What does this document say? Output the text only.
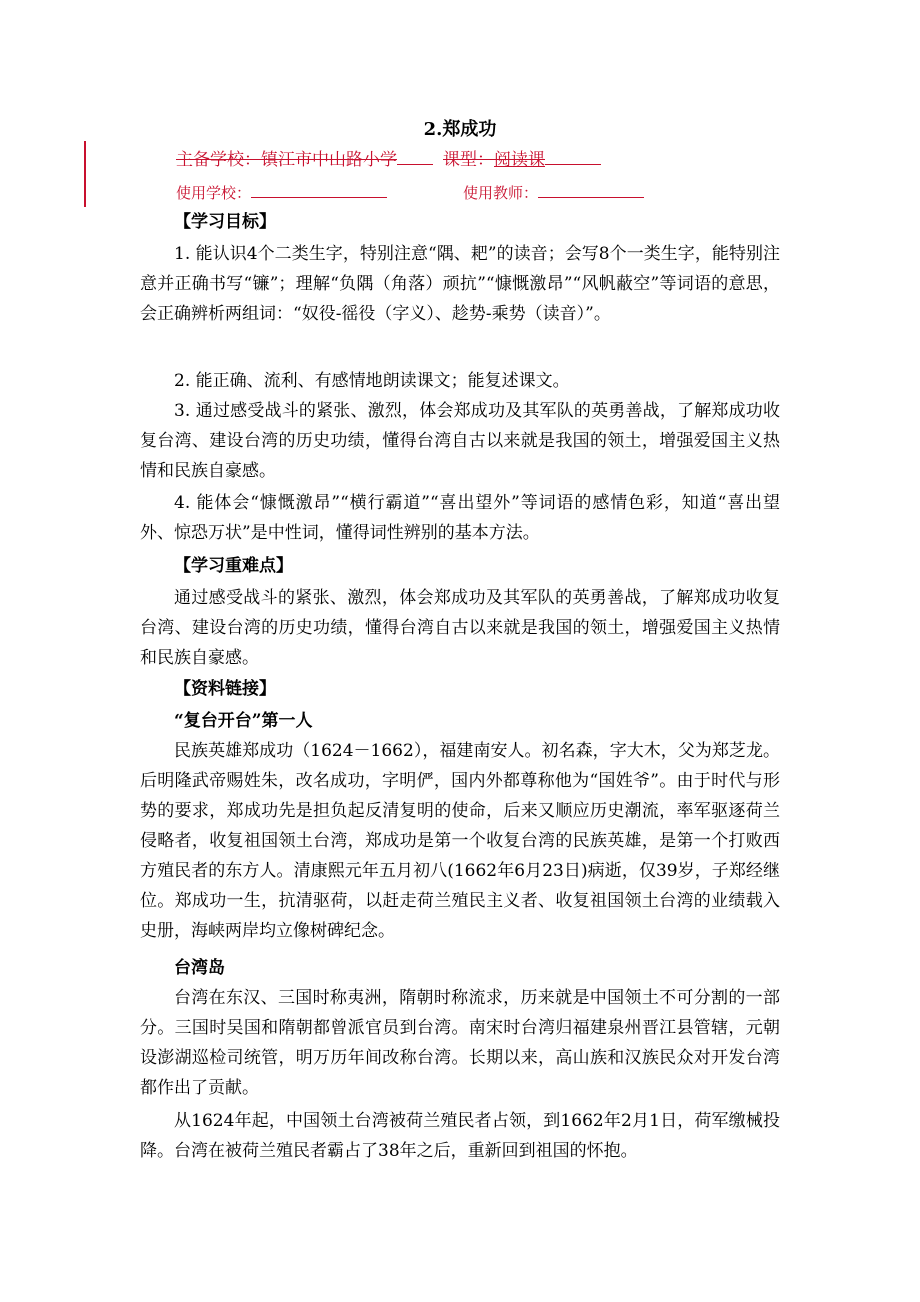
2.郑成功
主备学校：镇江市中山路小学	课型：阅读课
使用学校：	使用教师：
【学习目标】

1. 能认识4个二类生字，特别注意“隅、耙”的读音；会写8个一类生字，能特别注意并正确书写“镰”；理解“负隅（角落）顽抗”“慷慨激昂”“风帆蔽空”等词语的意思，会正确辨析两组词：“奴役-徭役（字义）、趁势-乘势（读音）”。

2. 能正确、流利、有感情地朗读课文；能复述课文。

3. 通过感受战斗的紧张、激烈，体会郑成功及其军队的英勇善战，了解郑成功收复台湾、建设台湾的历史功绩，懂得台湾自古以来就是我国的领土，增强爱国主义热情和民族自豪感。

4. 能体会“慷慨激昂”“横行霸道”“喜出望外”等词语的感情色彩，知道“喜出望外、惊恐万状”是中性词，懂得词性辨别的基本方法。

【学习重难点】

通过感受战斗的紧张、激烈，体会郑成功及其军队的英勇善战，了解郑成功收复台湾、建设台湾的历史功绩，懂得台湾自古以来就是我国的领土，增强爱国主义热情和民族自豪感。

【资料链接】
“复台开台”第一人

民族英雄郑成功（1624－1662），福建南安人。初名森，字大木，父为郑芝龙。后明隆武帝赐姓朱，改名成功，字明俨，国内外都尊称他为“国姓爷”。由于时代与形势的要求，郑成功先是担负起反清复明的使命，后来又顺应历史潮流，率军驱逐荷兰侵略者，收复祖国领土台湾，郑成功是第一个收复台湾的民族英雄，是第一个打败西方殖民者的东方人。清康熙元年五月初八(1662年6月23日)病逝，仅39岁，子郑经继位。郑成功一生，抗清驱荷，以赶走荷兰殖民主义者、收复祖国领土台湾的业绩载入史册，海峡两岸均立像树碑纪念。

台湾岛

台湾在东汉、三国时称夷洲，隋朝时称流求，历来就是中国领土不可分割的一部分。三国时吴国和隋朝都曾派官员到台湾。南宋时台湾归福建泉州晋江县管辖，元朝设澎湖巡检司统管，明万历年间改称台湾。长期以来，高山族和汉族民众对开发台湾都作出了贡献。

从1624年起，中国领土台湾被荷兰殖民者占领，到1662年2月1日，荷军缴械投降。台湾在被荷兰殖民者霸占了38年之后，重新回到祖国的怀抱。
